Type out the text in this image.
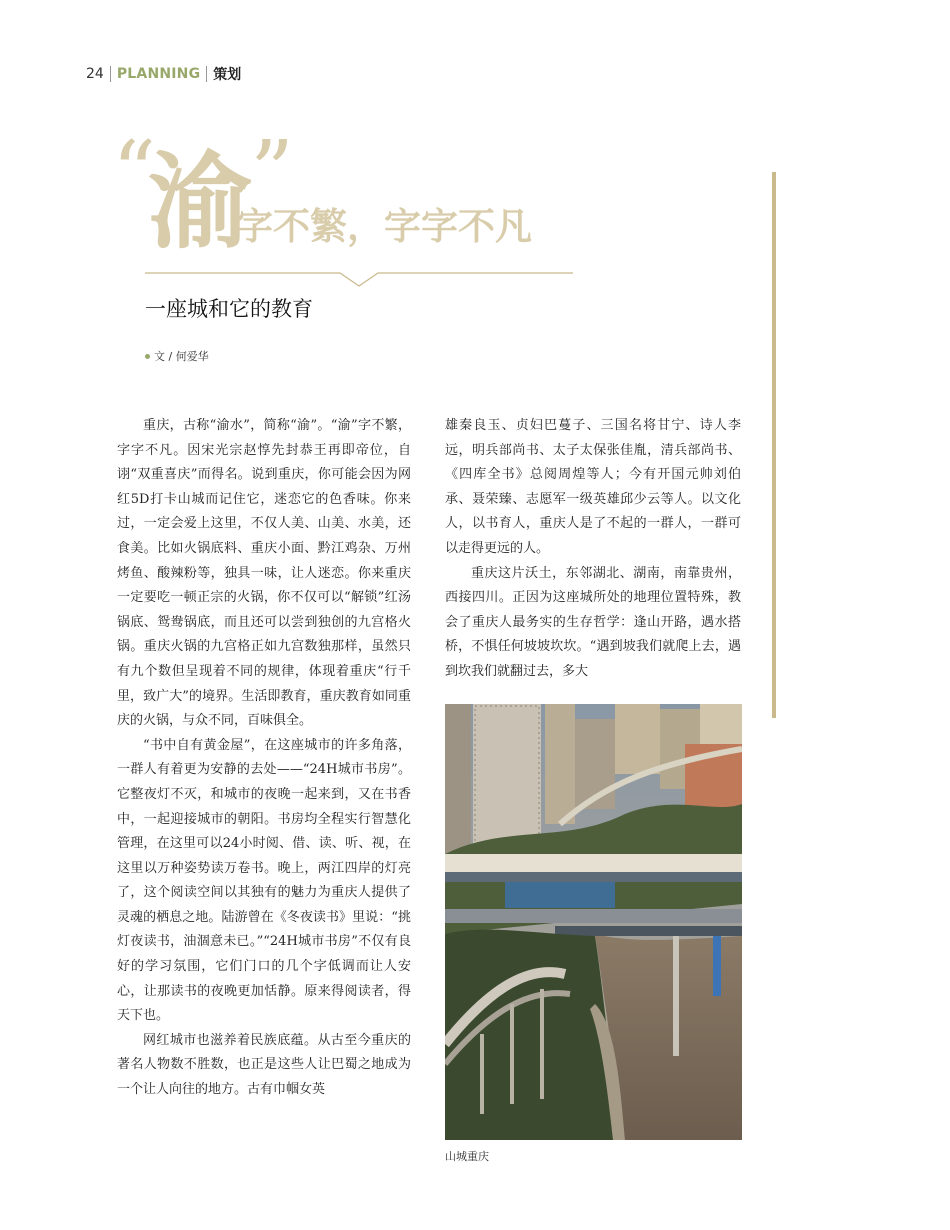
24 PLANNING 策划
“ ”
渝
字不繁，字字不凡
一座城和它的教育
文 / 何爱华

重庆，古称“渝水”，简称“渝”。“渝”字不繁，字字不凡。因宋光宗赵惇先封恭王再即帝位，自诩“双重喜庆”而得名。说到重庆，你可能会因为网红5D打卡山城而记住它，迷恋它的色香味。你来过，一定会爱上这里，不仅人美、山美、水美，还食美。比如火锅底料、重庆小面、黔江鸡杂、万州烤鱼、酸辣粉等，独具一味，让人迷恋。你来重庆一定要吃一顿正宗的火锅，你不仅可以“解锁”红汤锅底、鸳鸯锅底，而且还可以尝到独创的九宫格火锅。重庆火锅的九宫格正如九宫数独那样，虽然只有九个数但呈现着不同的规律，体现着重庆“行千里，致广大”的境界。生活即教育，重庆教育如同重庆的火锅，与众不同，百味俱全。

“书中自有黄金屋”，在这座城市的许多角落，一群人有着更为安静的去处——“24H城市书房”。它整夜灯不灭，和城市的夜晚一起来到，又在书香中，一起迎接城市的朝阳。书房均全程实行智慧化管理，在这里可以24小时阅、借、读、听、视，在这里以万种姿势读万卷书。晚上，两江四岸的灯亮了，这个阅读空间以其独有的魅力为重庆人提供了灵魂的栖息之地。陆游曾在《冬夜读书》里说：“挑灯夜读书，油涸意未已。”“24H城市书房”不仅有良好的学习氛围，它们门口的几个字低调而让人安心，让那读书的夜晚更加恬静。原来得阅读者，得天下也。

网红城市也滋养着民族底蕴。从古至今重庆的著名人物数不胜数，也正是这些人让巴蜀之地成为一个让人向往的地方。古有巾帼女英

雄秦良玉、贞妇巴蔓子、三国名将甘宁、诗人李远，明兵部尚书、太子太保张佳胤，清兵部尚书、《四库全书》总阅周煌等人；今有开国元帅刘伯承、聂荣臻、志愿军一级英雄邱少云等人。以文化人，以书育人，重庆人是了不起的一群人，一群可以走得更远的人。

重庆这片沃土，东邻湖北、湖南，南靠贵州，西接四川。正因为这座城所处的地理位置特殊，教会了重庆人最务实的生存哲学：逢山开路，遇水搭桥，不惧任何坡坡坎坎。“遇到坡我们就爬上去，遇到坎我们就翻过去，多大

山城重庆
